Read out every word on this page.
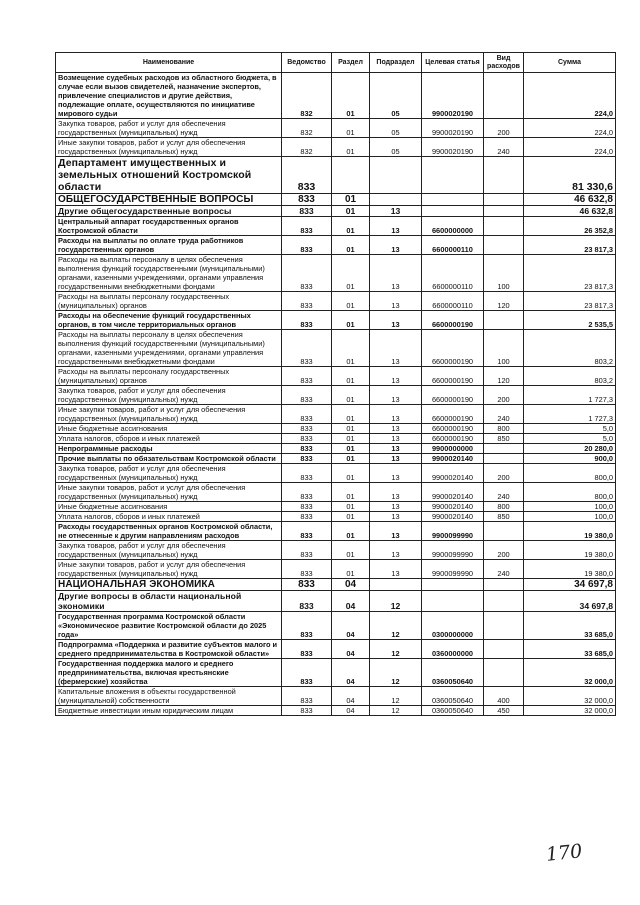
Наименование	Ведомство	Раздел	Подраздел	Целевая статья	Вид расходов	Сумма
Возмещение судебных расходов из областного бюджета, в случае если вызов свидетелей, назначение экспертов, привлечение специалистов и другие действия, подлежащие оплате, осуществляются по инициативе мирового судьи	832	01	05	9900020190		224,0
Закупка товаров, работ и услуг для обеспечения государственных (муниципальных) нужд	832	01	05	9900020190	200	224,0
Иные закупки товаров, работ и услуг для обеспечения государственных (муниципальных) нужд	832	01	05	9900020190	240	224,0
Департамент имущественных и земельных отношений Костромской области	833					81 330,6
ОБЩЕГОСУДАРСТВЕННЫЕ ВОПРОСЫ	833	01				46 632,8
Другие общегосударственные вопросы	833	01	13			46 632,8
Центральный аппарат государственных органов Костромской области	833	01	13	6600000000		26 352,8
Расходы на выплаты по оплате труда работников государственных органов	833	01	13	6600000110		23 817,3
Расходы на выплаты персоналу в целях обеспечения выполнения функций государственными (муниципальными) органами, казенными учреждениями, органами управления государственными внебюджетными фондами	833	01	13	6600000110	100	23 817,3
Расходы на выплаты персоналу государственных (муниципальных) органов	833	01	13	6600000110	120	23 817,3
Расходы на обеспечение функций государственных органов, в том числе территориальных органов	833	01	13	6600000190		2 535,5
Расходы на выплаты персоналу в целях обеспечения выполнения функций государственными (муниципальными) органами, казенными учреждениями, органами управления государственными внебюджетными фондами	833	01	13	6600000190	100	803,2
Расходы на выплаты персоналу государственных (муниципальных) органов	833	01	13	6600000190	120	803,2
Закупка товаров, работ и услуг для обеспечения государственных (муниципальных) нужд	833	01	13	6600000190	200	1 727,3
Иные закупки товаров, работ и услуг для обеспечения государственных (муниципальных) нужд	833	01	13	6600000190	240	1 727,3
Иные бюджетные ассигнования	833	01	13	6600000190	800	5,0
Уплата налогов, сборов и иных платежей	833	01	13	6600000190	850	5,0
Непрограммные расходы	833	01	13	9900000000		20 280,0
Прочие выплаты по обязательствам Костромской области	833	01	13	9900020140		900,0
Закупка товаров, работ и услуг для обеспечения государственных (муниципальных) нужд	833	01	13	9900020140	200	800,0
Иные закупки товаров, работ и услуг для обеспечения государственных (муниципальных) нужд	833	01	13	9900020140	240	800,0
Иные бюджетные ассигнования	833	01	13	9900020140	800	100,0
Уплата налогов, сборов и иных платежей	833	01	13	9900020140	850	100,0
Расходы государственных органов Костромской области, не отнесенные к другим направлениям расходов	833	01	13	9900099990		19 380,0
Закупка товаров, работ и услуг для обеспечения государственных (муниципальных) нужд	833	01	13	9900099990	200	19 380,0
Иные закупки товаров, работ и услуг для обеспечения государственных (муниципальных) нужд	833	01	13	9900099990	240	19 380,0
НАЦИОНАЛЬНАЯ ЭКОНОМИКА	833	04				34 697,8
Другие вопросы в области национальной экономики	833	04	12			34 697,8
Государственная программа Костромской области «Экономическое развитие Костромской области до 2025 года»	833	04	12	0300000000		33 685,0
Подпрограмма «Поддержка и развитие субъектов малого и среднего предпринимательства в Костромской области»	833	04	12	0360000000		33 685,0
Государственная поддержка малого и среднего предпринимательства, включая крестьянские (фермерские) хозяйства	833	04	12	0360050640		32 000,0
Капитальные вложения в объекты государственной (муниципальной) собственности	833	04	12	0360050640	400	32 000,0
Бюджетные инвестиции иным юридическим лицам	833	04	12	0360050640	450	32 000,0
170
